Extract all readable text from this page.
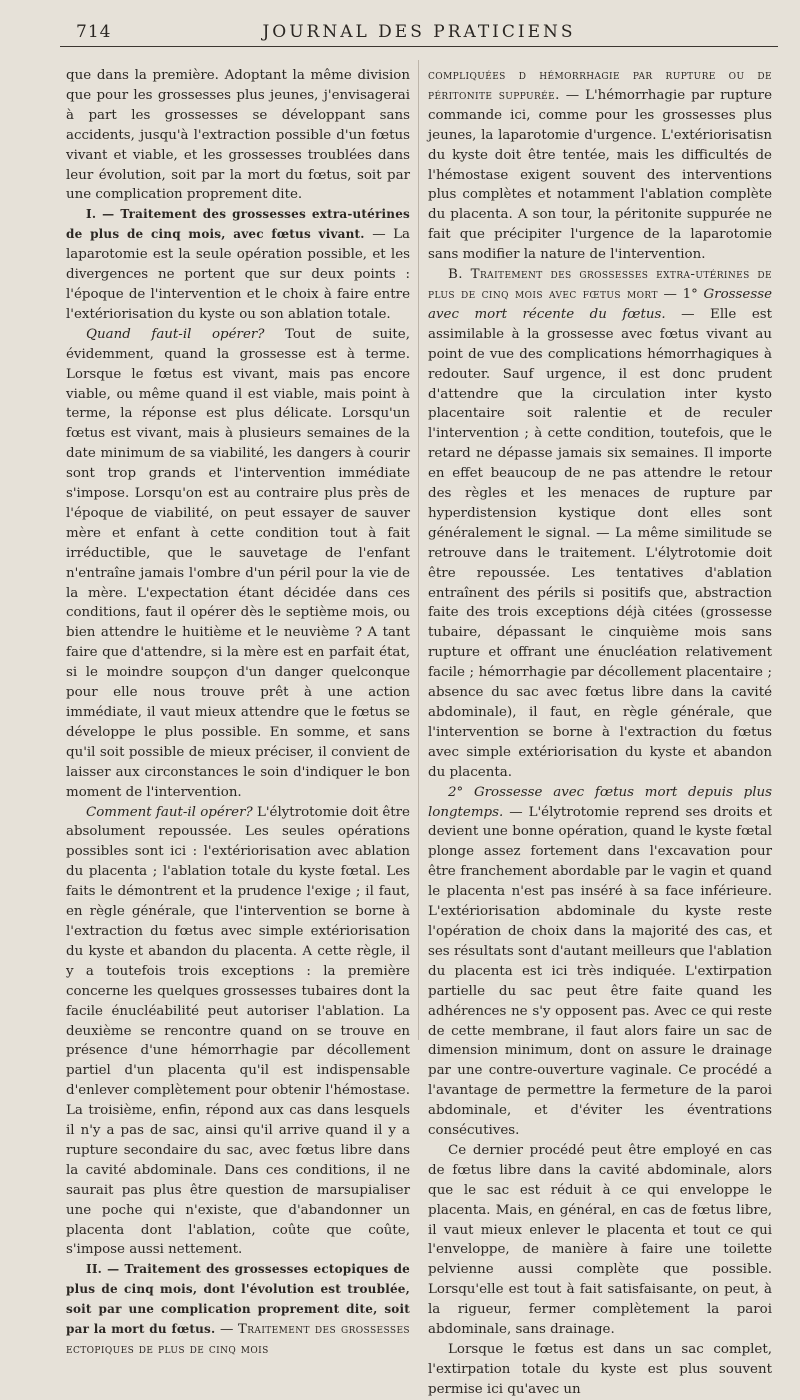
714	JOURNAL DES PRATICIENS

que dans la première. Adoptant la même division que pour les grossesses plus jeunes, j'envisagerai à part les grossesses se développant sans accidents, jusqu'à l'extraction possible d'un fœtus vivant et viable, et les grossesses troublées dans leur évolution, soit par la mort du fœtus, soit par une complication proprement dite.

I. — Traitement des grossesses extra-utérines de plus de cinq mois, avec fœtus vivant. — La laparotomie est la seule opération possible, et les divergences ne portent que sur deux points : l'époque de l'intervention et le choix à faire entre l'extériorisation du kyste ou son ablation totale.

Quand faut-il opérer? Tout de suite, évidemment, quand la grossesse est à terme. Lorsque le fœtus est vivant, mais pas encore viable, ou même quand il est viable, mais point à terme, la réponse est plus délicate. Lorsqu'un fœtus est vivant, mais à plusieurs semaines de la date minimum de sa viabilité, les dangers à courir sont trop grands et l'intervention immédiate s'impose. Lorsqu'on est au contraire plus près de l'époque de viabilité, on peut essayer de sauver mère et enfant à cette condition tout à fait irréductible, que le sauvetage de l'enfant n'entraîne jamais l'ombre d'un péril pour la vie de la mère. L'expectation étant décidée dans ces conditions, faut il opérer dès le septième mois, ou bien attendre le huitième et le neuvième ? A tant faire que d'attendre, si la mère est en parfait état, si le moindre soupçon d'un danger quelconque pour elle nous trouve prêt à une action immédiate, il vaut mieux attendre que le fœtus se développe le plus possible. En somme, et sans qu'il soit possible de mieux préciser, il convient de laisser aux circonstances le soin d'indiquer le bon moment de l'intervention.

Comment faut-il opérer? L'élytrotomie doit être absolument repoussée. Les seules opérations possibles sont ici : l'extériorisation avec ablation du placenta ; l'ablation totale du kyste fœtal. Les faits le démontrent et la prudence l'exige ; il faut, en règle générale, que l'intervention se borne à l'extraction du fœtus avec simple extériorisation du kyste et abandon du placenta. A cette règle, il y a toutefois trois exceptions : la première concerne les quelques grossesses tubaires dont la facile énucléabilité peut autoriser l'ablation. La deuxième se rencontre quand on se trouve en présence d'une hémorrhagie par décollement partiel d'un placenta qu'il est indispensable d'enlever complètement pour obtenir l'hémostase. La troisième, enfin, répond aux cas dans lesquels il n'y a pas de sac, ainsi qu'il arrive quand il y a rupture secondaire du sac, avec fœtus libre dans la cavité abdominale. Dans ces conditions, il ne saurait pas plus être question de marsupialiser une poche qui n'existe, que d'abandonner un placenta dont l'ablation, coûte que coûte, s'impose aussi nettement.

II. — Traitement des grossesses ectopiques de plus de cinq mois, dont l'évolution est troublée, soit par une complication proprement dite, soit par la mort du fœtus. — Traitement des grossesses ectopiques de plus de cinq mois

compliquées d hémorrhagie par rupture ou de péritonite suppurée. — L'hémorrhagie par rupture commande ici, comme pour les grossesses plus jeunes, la laparotomie d'urgence. L'extériorisatisn du kyste doit être tentée, mais les difficultés de l'hémostase exigent souvent des interventions plus complètes et notamment l'ablation complète du placenta. A son tour, la péritonite suppurée ne fait que précipiter l'urgence de la laparotomie sans modifier la nature de l'intervention.

B. Traitement des grossesses extra-utérines de plus de cinq mois avec fœtus mort — 1° Grossesse avec mort récente du fœtus. — Elle est assimilable à la grossesse avec fœtus vivant au point de vue des complications hémorrhagiques à redouter. Sauf urgence, il est donc prudent d'attendre que la circulation inter kysto placentaire soit ralentie et de reculer l'intervention ; à cette condition, toutefois, que le retard ne dépasse jamais six semaines. Il importe en effet beaucoup de ne pas attendre le retour des règles et les menaces de rupture par hyperdistension kystique dont elles sont généralement le signal. — La même similitude se retrouve dans le traitement. L'élytrotomie doit être repoussée. Les tentatives d'ablation entraînent des périls si positifs que, abstraction faite des trois exceptions déjà citées (grossesse tubaire, dépassant le cinquième mois sans rupture et offrant une énucléation relativement facile ; hémorrhagie par décollement placentaire ; absence du sac avec fœtus libre dans la cavité abdominale), il faut, en règle générale, que l'intervention se borne à l'extraction du fœtus avec simple extériorisation du kyste et abandon du placenta.

2° Grossesse avec fœtus mort depuis plus longtemps. — L'élytrotomie reprend ses droits et devient une bonne opération, quand le kyste fœtal plonge assez fortement dans l'excavation pour être franchement abordable par le vagin et quand le placenta n'est pas inséré à sa face inférieure. L'extériorisation abdominale du kyste reste l'opération de choix dans la majorité des cas, et ses résultats sont d'autant meilleurs que l'ablation du placenta est ici très indiquée. L'extirpation partielle du sac peut être faite quand les adhérences ne s'y opposent pas. Avec ce qui reste de cette membrane, il faut alors faire un sac de dimension minimum, dont on assure le drainage par une contre-ouverture vaginale. Ce procédé a l'avantage de permettre la fermeture de la paroi abdominale, et d'éviter les éventrations consécutives.

Ce dernier procédé peut être employé en cas de fœtus libre dans la cavité abdominale, alors que le sac est réduit à ce qui enveloppe le placenta. Mais, en général, en cas de fœtus libre, il vaut mieux enlever le placenta et tout ce qui l'enveloppe, de manière à faire une toilette pelvienne aussi complète que possible. Lorsqu'elle est tout à fait satisfaisante, on peut, à la rigueur, fermer complètement la paroi abdominale, sans drainage.

Lorsque le fœtus est dans un sac complet, l'extirpation totale du kyste est plus souvent permise ici qu'avec un
